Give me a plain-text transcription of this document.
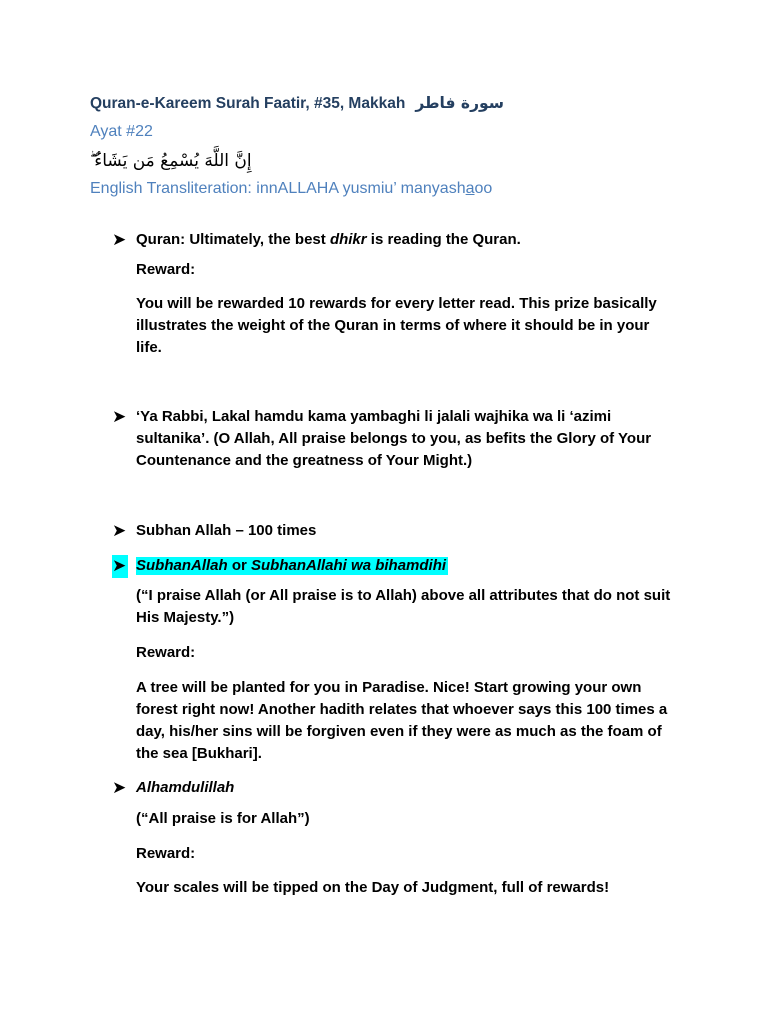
Quran-e-Kareem Surah Faatir, #35, Makkah سورة فاطر
Ayat #22
إِنَّ اللَّهَ يُسْمِعُ مَن يَشَاءُ ۖ
English Transliteration: innALLAHA yusmiu’ manyashaoo
➤ Quran: Ultimately, the best dhikr is reading the Quran.
Reward:
You will be rewarded 10 rewards for every letter read. This prize basically illustrates the weight of the Quran in terms of where it should be in your life.
➤ ‘Ya Rabbi, Lakal hamdu kama yambaghi li jalali wajhika wa li ‘azimi sultanika’. (O Allah, All praise belongs to you, as befits the Glory of Your Countenance and the greatness of Your Might.)
➤ Subhan Allah – 100 times
➤ SubhanAllah or SubhanAllahi wa bihamdihi
(“I praise Allah (or All praise is to Allah) above all attributes that do not suit His Majesty.”)
Reward:
A tree will be planted for you in Paradise. Nice! Start growing your own forest right now! Another hadith relates that whoever says this 100 times a day, his/her sins will be forgiven even if they were as much as the foam of the sea [Bukhari].
➤ Alhamdulillah
(“All praise is for Allah”)
Reward:
Your scales will be tipped on the Day of Judgment, full of rewards!
